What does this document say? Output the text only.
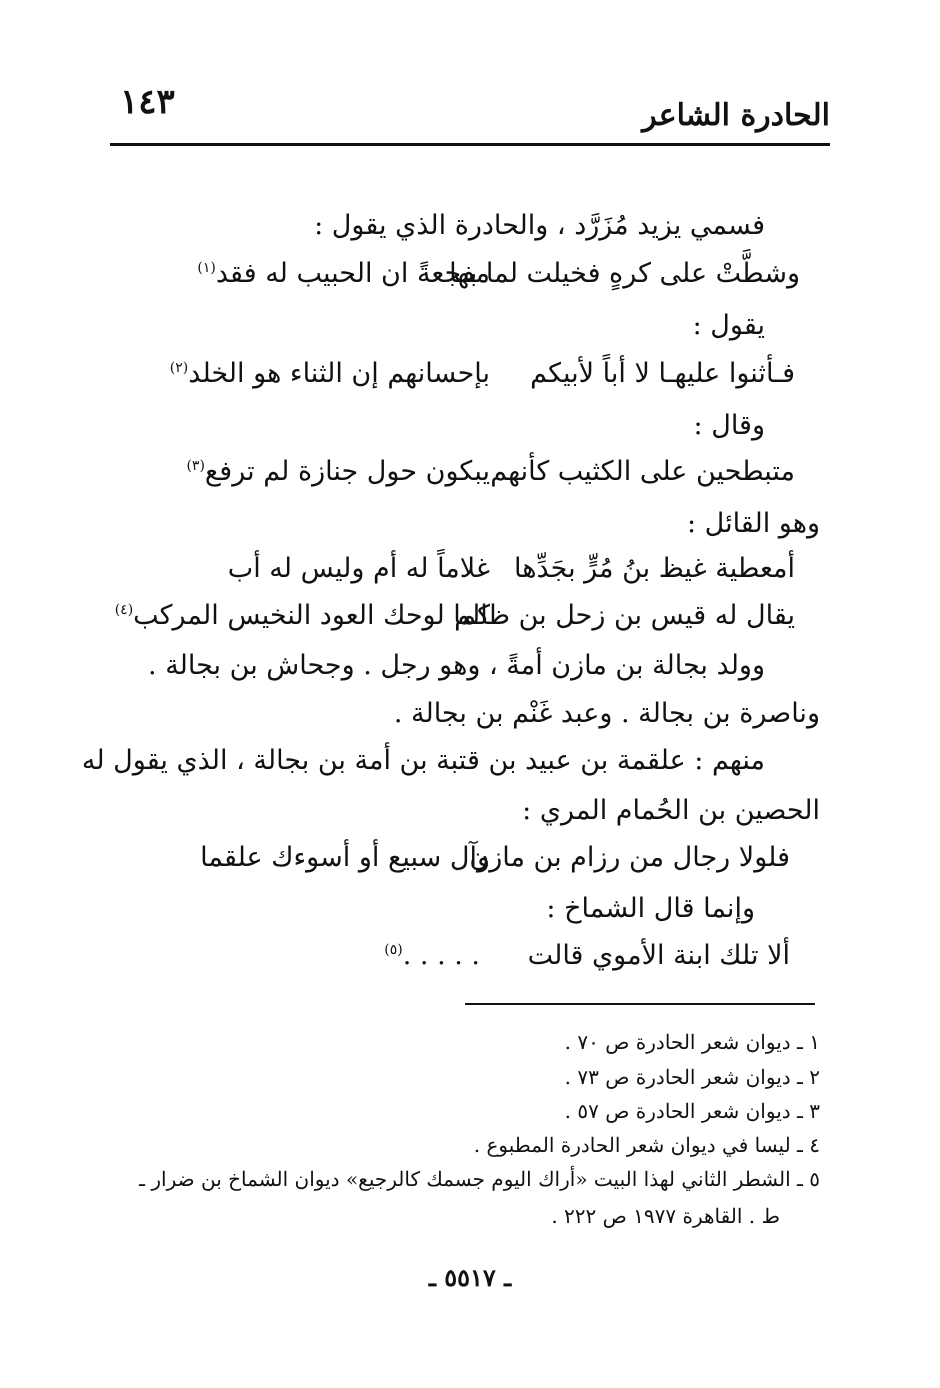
الحادرة الشاعر
١٤٣
فسمي يزيد مُزَرَّد ، والحادرة الذي يقول :
وشطَّتْ على كرهٍ فخيلت لما بها
مفجعةً ان الحبيب له فقد$^{(١)}$
يقول :
فـأثنوا عليهـا لا أباً لأبيكم
بإحسانهم إن الثناء هو الخلد$^{(٢)}$
وقال :
متبطحين على الكثيب كأنهم
يبكون حول جنازة لم ترفع$^{(٣)}$
وهو القائل :
أمعطية غيظ بنُ مُرٍّ بجَدِّها
غلاماً له أم وليس له أب
يقال له قيس بن زحل بن ظالم
كما لوحك العود النخيس المركب$^{(٤)}$
وولد بجالة بن مازن أمةً ، وهو رجل . وجحاش بن بجالة .
وناصرة بن بجالة . وعبد غَنْم بن بجالة .
منهم : علقمة بن عبيد بن قتبة بن أمة بن بجالة ، الذي يقول له
الحصين بن الحُمام المري :
فلولا رجال من رزام بن مازن
وآل سبيع أو أسوءك علقما
وإنما قال الشماخ :
ألا تلك ابنة الأموي قالت
. . . . .$^{(٥)}$
١ ـ ديوان شعر الحادرة ص ٧٠ .
٢ ـ ديوان شعر الحادرة ص ٧٣ .
٣ ـ ديوان شعر الحادرة ص ٥٧ .
٤ ـ ليسا في ديوان شعر الحادرة المطبوع .
٥ ـ الشطر الثاني لهذا البيت «أراك اليوم جسمك كالرجيع» ديوان الشماخ بن ضرار ـ
ط . القاهرة ١٩٧٧ ص ٢٢٢ .
ـ ٥٥١٧ ـ
